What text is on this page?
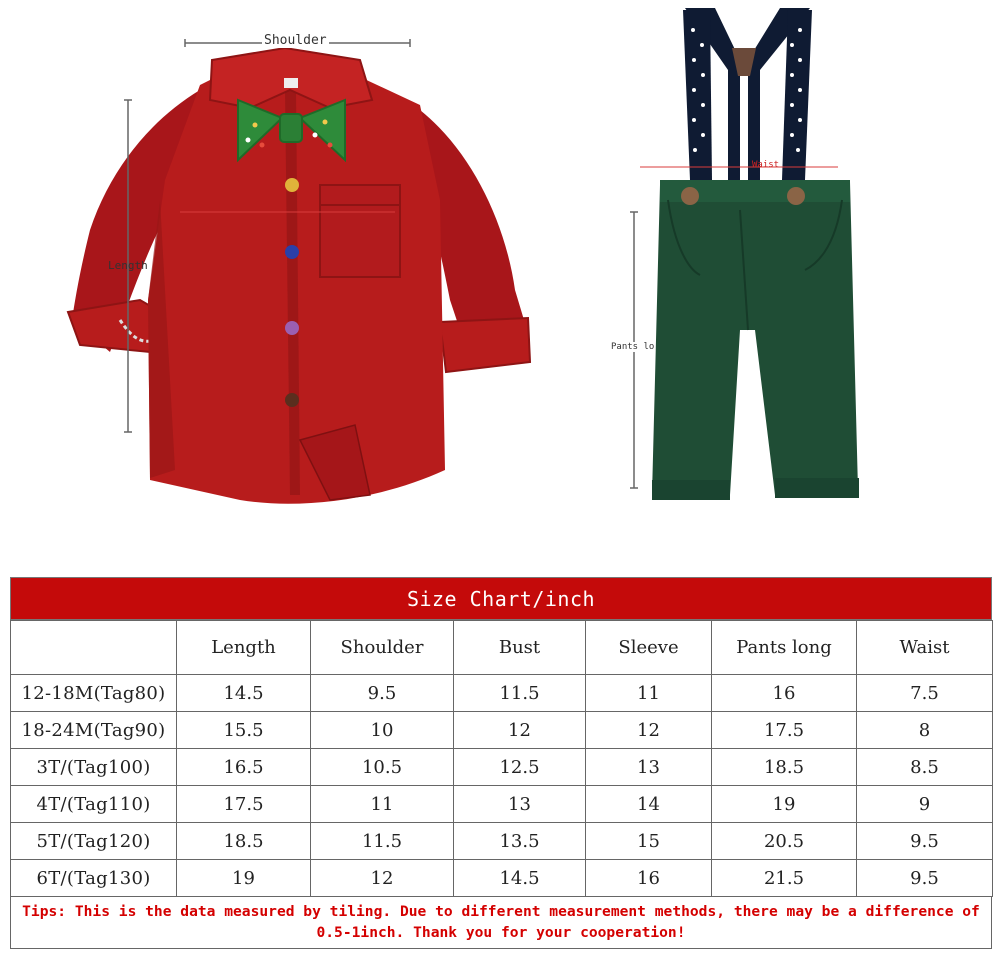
Shoulder
Length
Pants lo
Waist
Size Chart/inch
	Length	Shoulder	Bust	Sleeve	Pants long	Waist
12-18M(Tag80)	14.5	9.5	11.5	11	16	7.5
18-24M(Tag90)	15.5	10	12	12	17.5	8
3T/(Tag100)	16.5	10.5	12.5	13	18.5	8.5
4T/(Tag110)	17.5	11	13	14	19	9
5T/(Tag120)	18.5	11.5	13.5	15	20.5	9.5
6T/(Tag130)	19	12	14.5	16	21.5	9.5
Tips: This is the data measured by tiling. Due to different measurement methods, there may be a difference of 0.5-1inch. Thank you for your cooperation!
